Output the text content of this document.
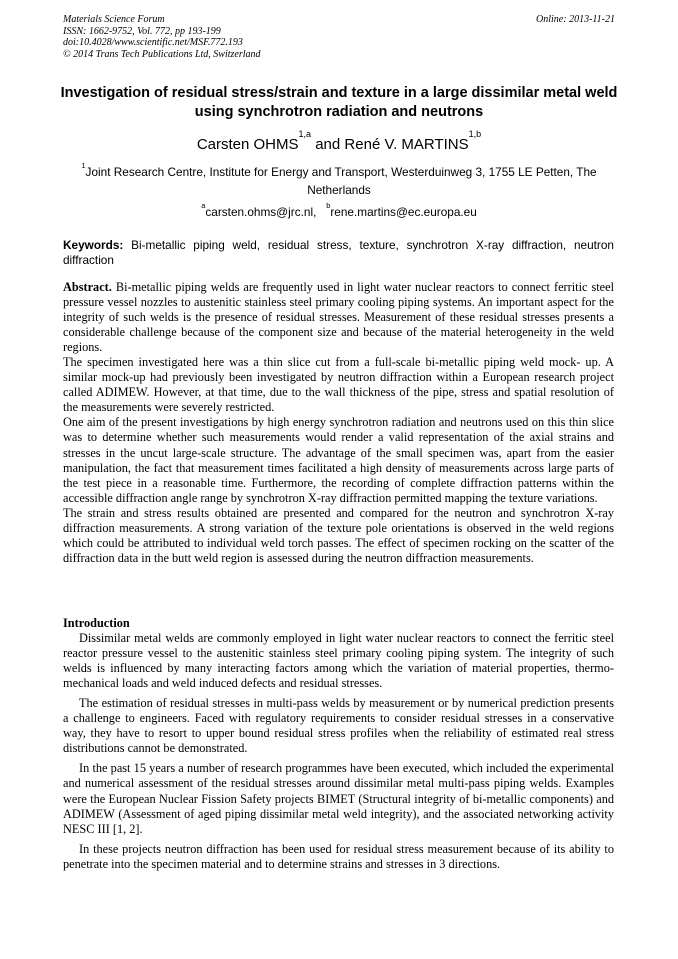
Materials Science Forum
ISSN: 1662-9752, Vol. 772, pp 193-199
doi:10.4028/www.scientific.net/MSF.772.193
© 2014 Trans Tech Publications Ltd, Switzerland
Online: 2013-11-21
Investigation of residual stress/strain and texture in a large dissimilar metal weld using synchrotron radiation and neutrons
Carsten OHMS$^{1,a}$ and René V. MARTINS$^{1,b}$
$^1$Joint Research Centre, Institute for Energy and Transport, Westerduinweg 3, 1755 LE Petten, The Netherlands
$^a$carsten.ohms@jrc.nl, $^b$rene.martins@ec.europa.eu
Keywords: Bi-metallic piping weld, residual stress, texture, synchrotron X-ray diffraction, neutron diffraction

Abstract. Bi-metallic piping welds are frequently used in light water nuclear reactors to connect ferritic steel pressure vessel nozzles to austenitic stainless steel primary cooling piping systems. An important aspect for the integrity of such welds is the presence of residual stresses. Measurement of these residual stresses presents a considerable challenge because of the component size and because of the material heterogeneity in the weld regions.

The specimen investigated here was a thin slice cut from a full-scale bi-metallic piping weld mock- up. A similar mock-up had previously been investigated by neutron diffraction within a European research project called ADIMEW. However, at that time, due to the wall thickness of the pipe, stress and spatial resolution of the measurements were severely restricted.

One aim of the present investigations by high energy synchrotron radiation and neutrons used on this thin slice was to determine whether such measurements would render a valid representation of the axial strains and stresses in the uncut large-scale structure. The advantage of the small specimen was, apart from the easier manipulation, the fact that measurement times facilitated a high density of measurements across large parts of the test piece in a reasonable time. Furthermore, the recording of complete diffraction patterns within the accessible diffraction angle range by synchrotron X-ray diffraction permitted mapping the texture variations.

The strain and stress results obtained are presented and compared for the neutron and synchrotron X-ray diffraction measurements. A strong variation of the texture pole orientations is observed in the weld regions which could be attributed to individual weld torch passes. The effect of specimen rocking on the scatter of the diffraction data in the butt weld region is assessed during the neutron diffraction measurements.

Introduction

Dissimilar metal welds are commonly employed in light water nuclear reactors to connect the ferritic steel reactor pressure vessel to the austenitic stainless steel primary cooling piping system. The integrity of such welds is influenced by many interacting factors among which the variation of material properties, thermo-mechanical loads and weld induced defects and residual stresses.

The estimation of residual stresses in multi-pass welds by measurement or by numerical prediction presents a challenge to engineers. Faced with regulatory requirements to consider residual stresses in a conservative way, they have to resort to upper bound residual stress profiles when the reliability of estimated real stress distributions cannot be demonstrated.

In the past 15 years a number of research programmes have been executed, which included the experimental and numerical assessment of the residual stresses around dissimilar metal multi-pass piping welds. Examples were the European Nuclear Fission Safety projects BIMET (Structural integrity of bi-metallic components) and ADIMEW (Assessment of aged piping dissimilar metal weld integrity), and the associated networking activity NESC III [1, 2].

In these projects neutron diffraction has been used for residual stress measurement because of its ability to penetrate into the specimen material and to determine strains and stresses in 3 directions.
